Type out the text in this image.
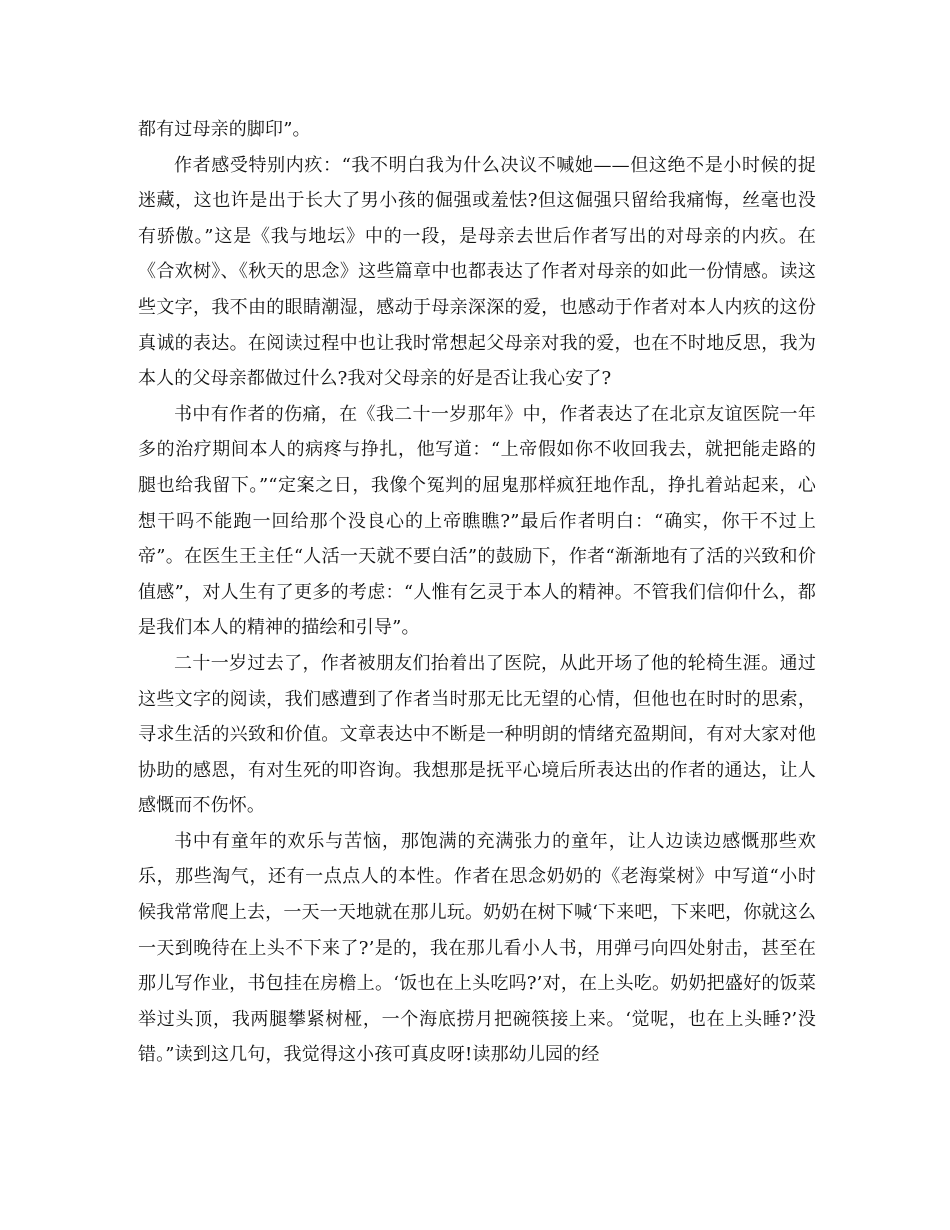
都有过母亲的脚印”。

作者感受特别内疚：“我不明白我为什么决议不喊她——但这绝不是小时候的捉迷藏，这也许是出于长大了男小孩的倔强或羞怯?但这倔强只留给我痛悔，丝毫也没有骄傲。”这是《我与地坛》中的一段，是母亲去世后作者写出的对母亲的内疚。在《合欢树》、《秋天的思念》这些篇章中也都表达了作者对母亲的如此一份情感。读这些文字，我不由的眼睛潮湿，感动于母亲深深的爱，也感动于作者对本人内疚的这份真诚的表达。在阅读过程中也让我时常想起父母亲对我的爱，也在不时地反思，我为本人的父母亲都做过什么?我对父母亲的好是否让我心安了?

书中有作者的伤痛，在《我二十一岁那年》中，作者表达了在北京友谊医院一年多的治疗期间本人的病疼与挣扎，他写道：“上帝假如你不收回我去，就把能走路的腿也给我留下。”“定案之日，我像个冤判的屈鬼那样疯狂地作乱，挣扎着站起来，心想干吗不能跑一回给那个没良心的上帝瞧瞧?”最后作者明白：“确实，你干不过上帝”。在医生王主任“人活一天就不要白活”的鼓励下，作者“渐渐地有了活的兴致和价值感”，对人生有了更多的考虑：“人惟有乞灵于本人的精神。不管我们信仰什么，都是我们本人的精神的描绘和引导”。

二十一岁过去了，作者被朋友们抬着出了医院，从此开场了他的轮椅生涯。通过这些文字的阅读，我们感遭到了作者当时那无比无望的心情，但他也在时时的思索，寻求生活的兴致和价值。文章表达中不断是一种明朗的情绪充盈期间，有对大家对他协助的感恩，有对生死的叩咨询。我想那是抚平心境后所表达出的作者的通达，让人感慨而不伤怀。

书中有童年的欢乐与苦恼，那饱满的充满张力的童年，让人边读边感慨那些欢乐，那些淘气，还有一点点人的本性。作者在思念奶奶的《老海棠树》中写道“小时候我常常爬上去，一天一天地就在那儿玩。奶奶在树下喊‘下来吧，下来吧，你就这么一天到晚待在上头不下来了?’是的，我在那儿看小人书，用弹弓向四处射击，甚至在那儿写作业，书包挂在房檐上。‘饭也在上头吃吗?’对，在上头吃。奶奶把盛好的饭菜举过头顶，我两腿攀紧树桠，一个海底捞月把碗筷接上来。‘觉呢，也在上头睡?’没错。”读到这几句，我觉得这小孩可真皮呀!读那幼儿园的经
